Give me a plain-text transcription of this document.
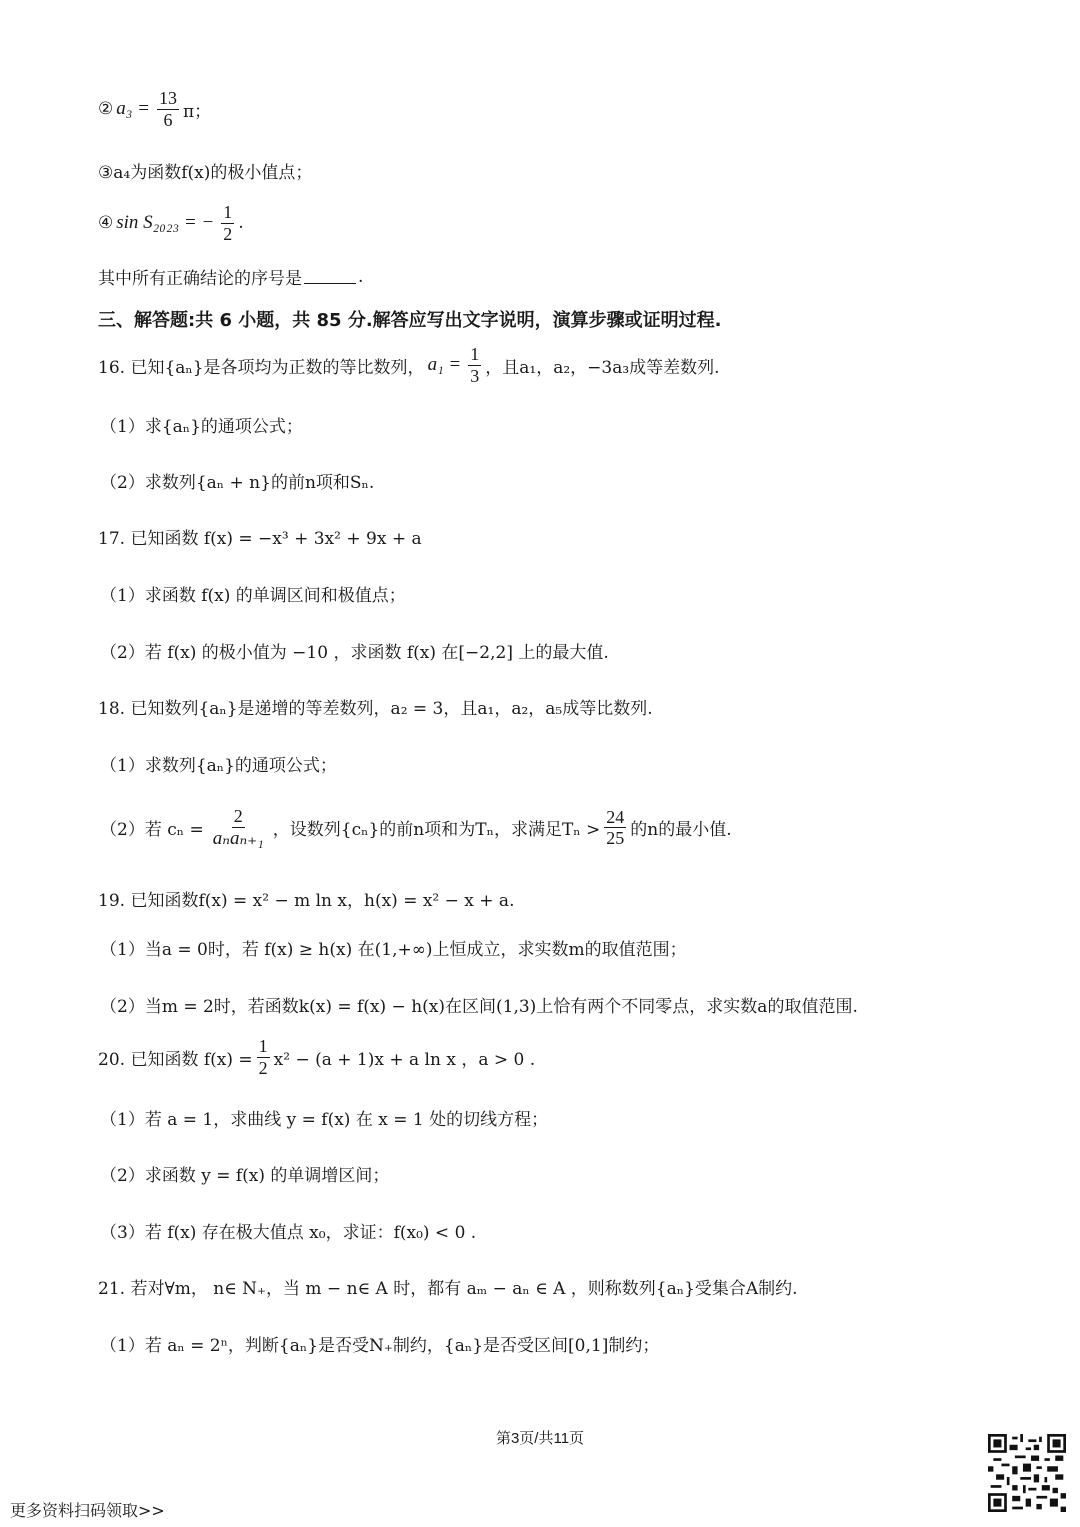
② $a_3 = \frac{13}{6}$ π；
③a₄为函数f(x)的极小值点；
④ sin S₂₀₂₃ = − $\frac{1}{2}$ .
其中所有正确结论的序号是	.
三、解答题:共 6 小题，共 85 分.解答应写出文字说明，演算步骤或证明过程.
16. 已知{aₙ}是各项均为正数的等比数列， $a_1 = \frac{1}{3}$ ，且a₁，a₂，−3a₃成等差数列.
（1）求{aₙ}的通项公式；
（2）求数列{aₙ + n}的前n项和Sₙ.
17. 已知函数 f(x) = −x³ + 3x² + 9x + a
（1）求函数 f(x) 的单调区间和极值点；
（2）若 f(x) 的极小值为 −10 ，求函数 f(x) 在[−2,2] 上的最大值.
18. 已知数列{aₙ}是递增的等差数列，a₂ = 3，且a₁，a₂，a₅成等比数列.
（1）求数列{aₙ}的通项公式；
（2）若 $c_n = \frac{2}{\text{aₙaₙ₊₁}}$ ，设数列{cₙ}的前n项和为Tₙ，求满足$T_n > \frac{24}{25}$ 的n的最小值.
19. 已知函数f(x) = x² − m ln x，h(x) = x² − x + a.
（1）当a = 0时，若 f(x) ≥ h(x) 在(1,+∞)上恒成立，求实数m的取值范围；
（2）当m = 2时，若函数k(x) = f(x) − h(x)在区间(1,3)上恰有两个不同零点，求实数a的取值范围.
20. 已知函数 $f(x) = \frac{1}{2} x^2 - (a + 1)x + a$ ln x ，a > 0 .
（1）若 a = 1，求曲线 y = f(x) 在 x = 1 处的切线方程；
（2）求函数 y = f(x) 的单调增区间；
（3）若 f(x) 存在极大值点 x₀，求证：f(x₀) < 0 .
21. 若对∀m， n∈ N₊，当 m − n∈ A 时，都有 aₘ − aₙ ∈ A ，则称数列{aₙ}受集合A制约.
（1）若 aₙ = 2ⁿ，判断{aₙ}是否受N₊制约，{aₙ}是否受区间[0,1]制约；
第3页/共11页
更多资料扫码领取>>
